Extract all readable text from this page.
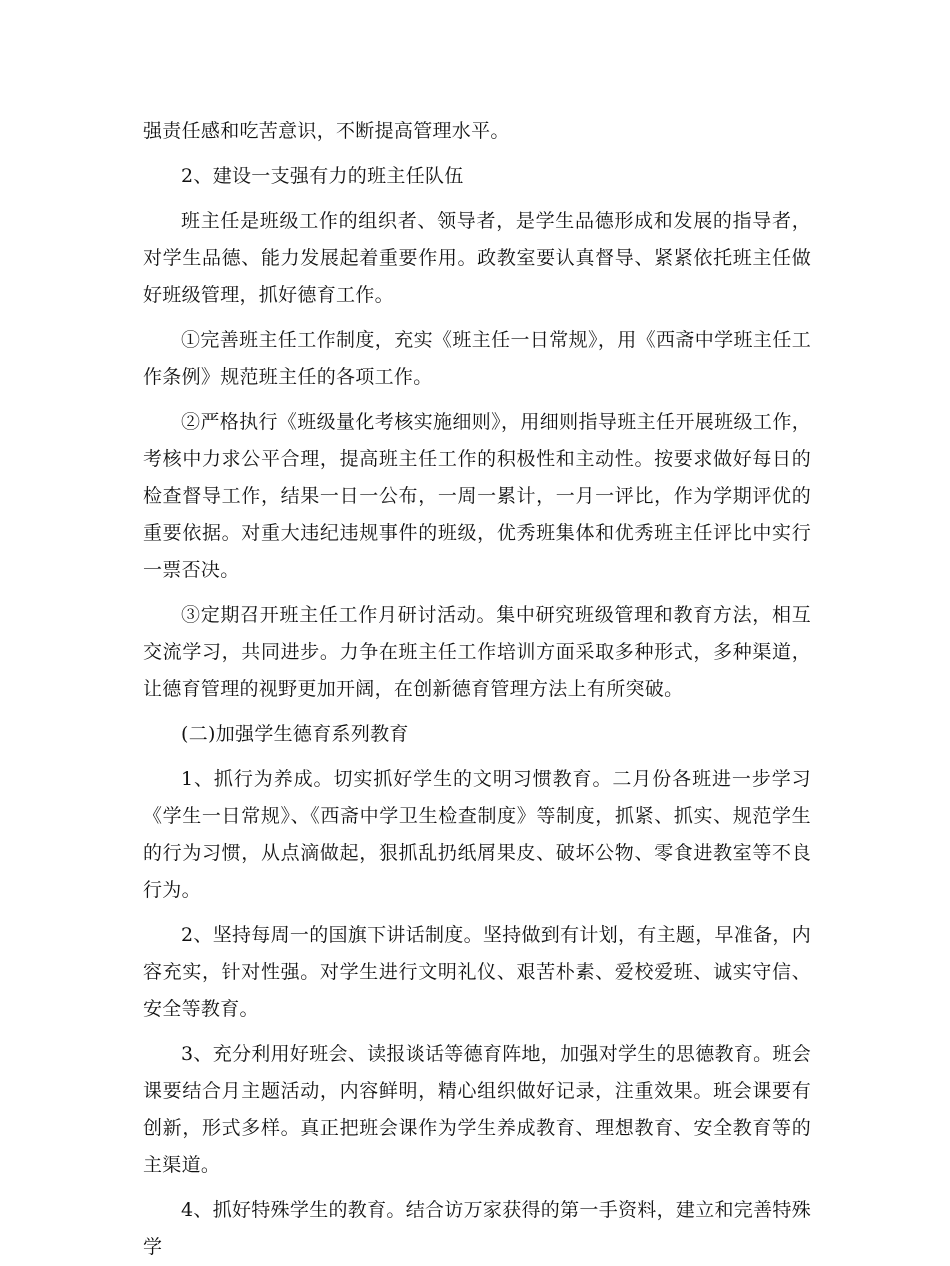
强责任感和吃苦意识，不断提高管理水平。

2、建设一支强有力的班主任队伍

班主任是班级工作的组织者、领导者，是学生品德形成和发展的指导者，对学生品德、能力发展起着重要作用。政教室要认真督导、紧紧依托班主任做好班级管理，抓好德育工作。

①完善班主任工作制度，充实《班主任一日常规》，用《西斋中学班主任工作条例》规范班主任的各项工作。

②严格执行《班级量化考核实施细则》，用细则指导班主任开展班级工作，考核中力求公平合理，提高班主任工作的积极性和主动性。按要求做好每日的检查督导工作，结果一日一公布，一周一累计，一月一评比，作为学期评优的重要依据。对重大违纪违规事件的班级，优秀班集体和优秀班主任评比中实行一票否决。

③定期召开班主任工作月研讨活动。集中研究班级管理和教育方法，相互交流学习，共同进步。力争在班主任工作培训方面采取多种形式，多种渠道，让德育管理的视野更加开阔，在创新德育管理方法上有所突破。

(二)加强学生德育系列教育

1、抓行为养成。切实抓好学生的文明习惯教育。二月份各班进一步学习《学生一日常规》、《西斋中学卫生检查制度》等制度，抓紧、抓实、规范学生的行为习惯，从点滴做起，狠抓乱扔纸屑果皮、破坏公物、零食进教室等不良行为。

2、坚持每周一的国旗下讲话制度。坚持做到有计划，有主题，早准备，内容充实，针对性强。对学生进行文明礼仪、艰苦朴素、爱校爱班、诚实守信、安全等教育。

3、充分利用好班会、读报谈话等德育阵地，加强对学生的思德教育。班会课要结合月主题活动，内容鲜明，精心组织做好记录，注重效果。班会课要有创新，形式多样。真正把班会课作为学生养成教育、理想教育、安全教育等的主渠道。

4、抓好特殊学生的教育。结合访万家获得的第一手资料，建立和完善特殊学
